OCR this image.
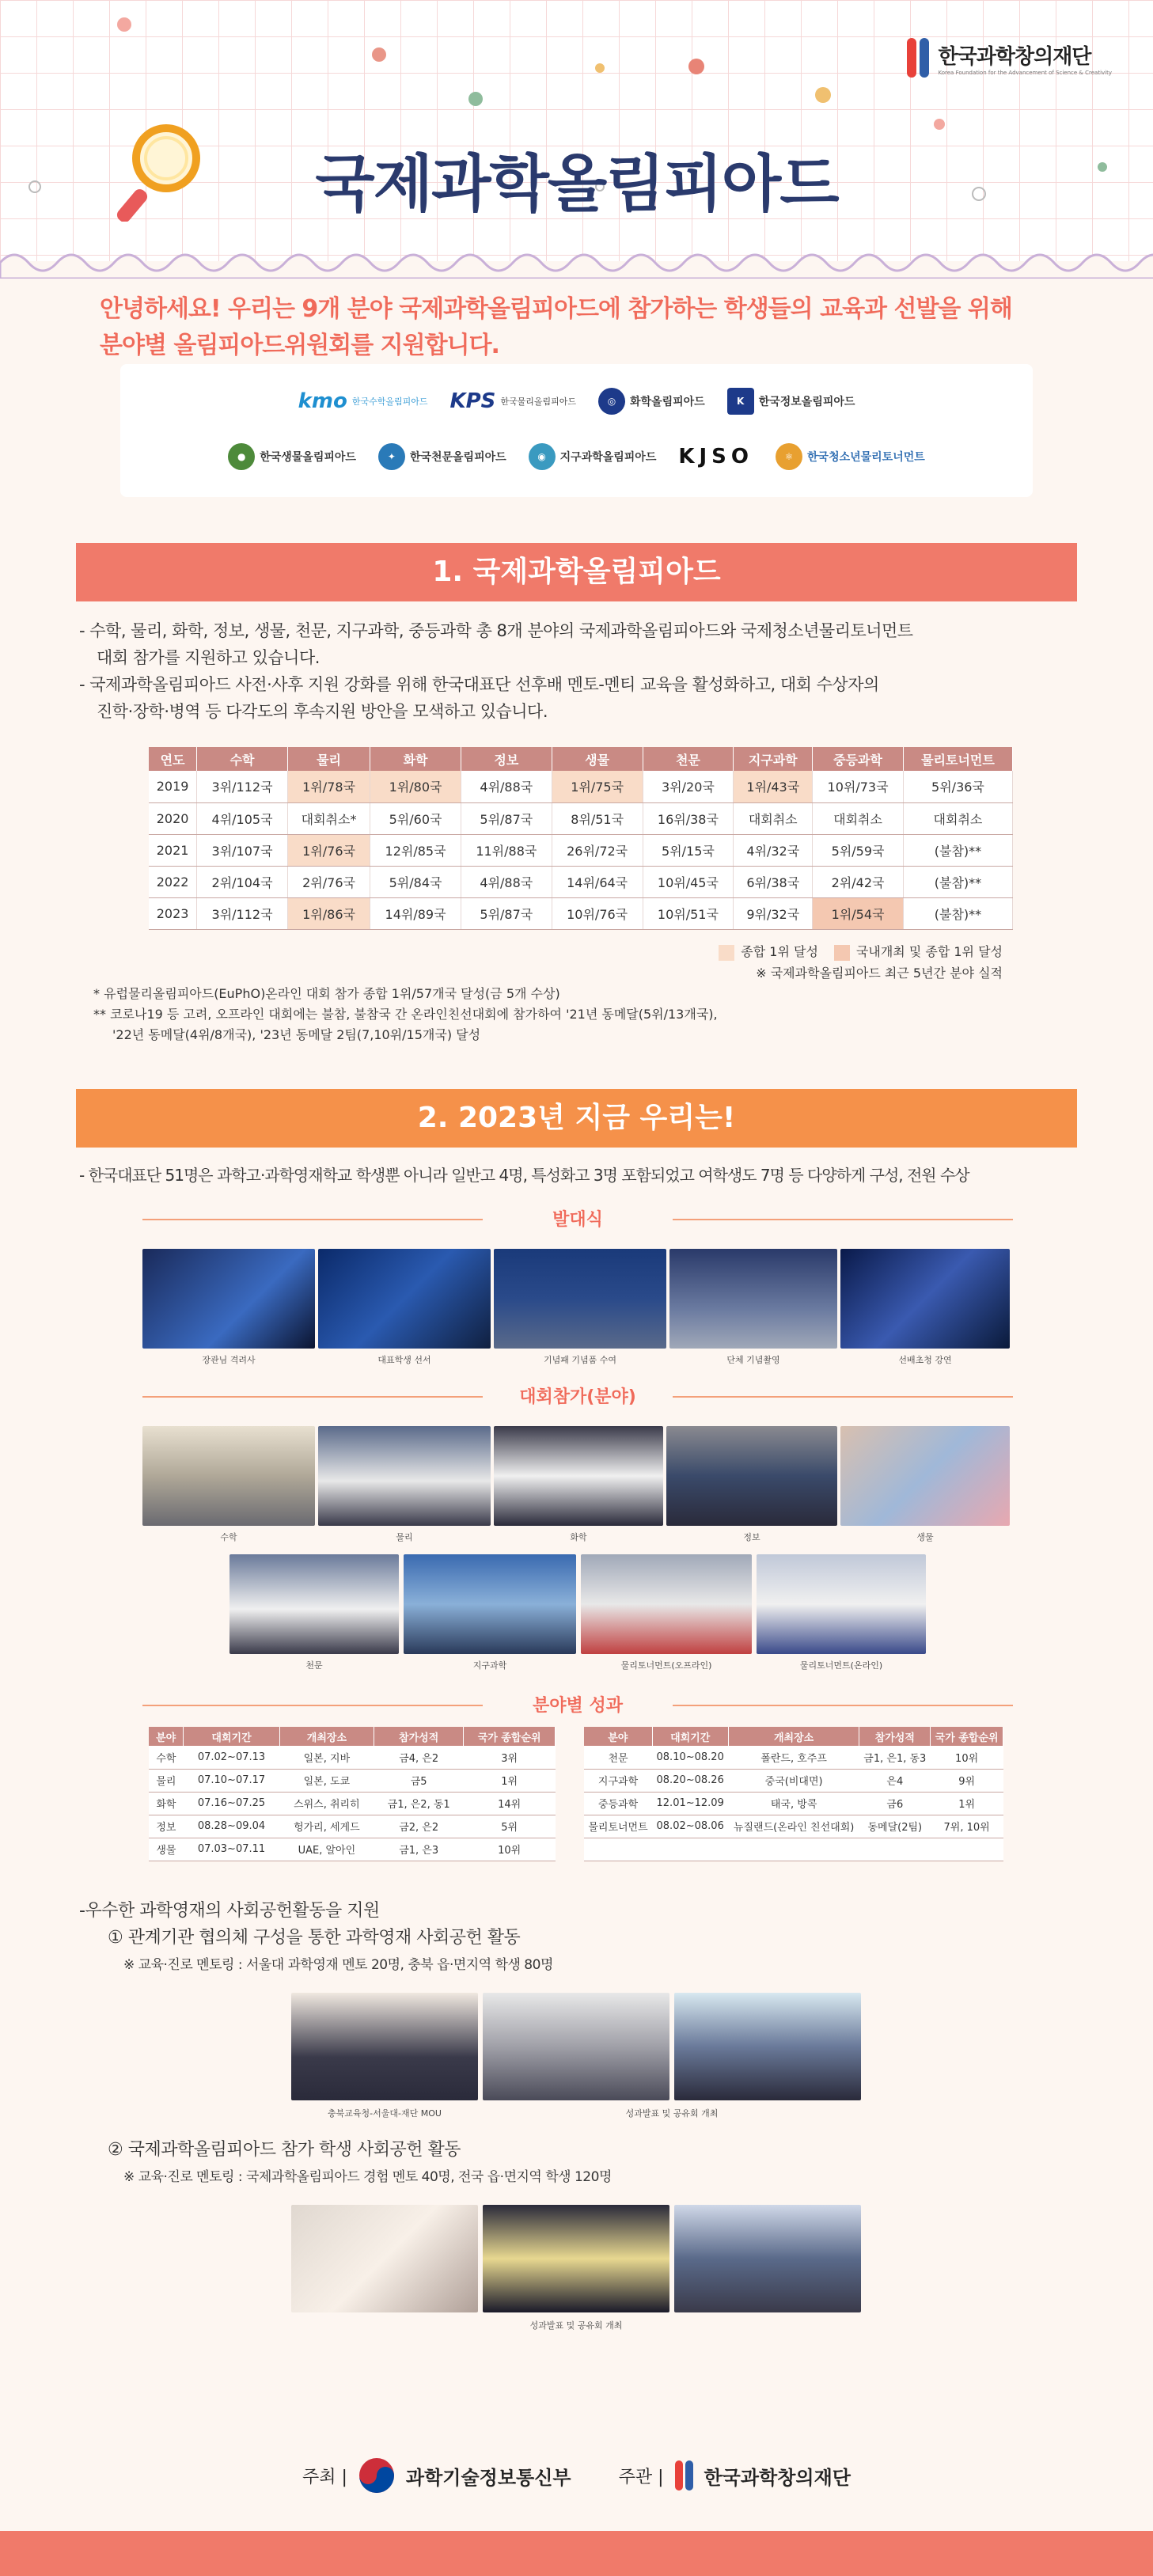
한국과학창의재단
Korea Foundation for the Advancement of Science & Creativity
국제과학올림피아드
안녕하세요! 우리는 9개 분야 국제과학올림피아드에 참가하는 학생들의 교육과 선발을 위해
분야별 올림피아드위원회를 지원합니다.
kmo 한국수학올림피아드 KPS 한국물리올림피아드	◎	화학올림피아드	K	한국정보올림피아드
●	한국생물올림피아드	✦	한국천문올림피아드	◉	지구과학올림피아드 KJSO	⚛	한국청소년물리토너먼트
1. 국제과학올림피아드
- 수학, 물리, 화학, 정보, 생물, 천문, 지구과학, 중등과학 총 8개 분야의 국제과학올림피아드와 국제청소년물리토너먼트
대회 참가를 지원하고 있습니다.
- 국제과학올림피아드 사전·사후 지원 강화를 위해 한국대표단 선후배 멘토-멘티 교육을 활성화하고, 대회 수상자의
진학·장학·병역 등 다각도의 후속지원 방안을 모색하고 있습니다.
연도	수학	물리	화학	정보	생물	천문	지구과학	중등과학	물리토너먼트
2019	3위/112국	1위/78국	1위/80국	4위/88국	1위/75국	3위/20국	1위/43국	10위/73국	5위/36국
2020	4위/105국	대회취소*	5위/60국	5위/87국	8위/51국	16위/38국	대회취소	대회취소	대회취소
2021	3위/107국	1위/76국	12위/85국	11위/88국	26위/72국	5위/15국	4위/32국	5위/59국	(불참)**
2022	2위/104국	2위/76국	5위/84국	4위/88국	14위/64국	10위/45국	6위/38국	2위/42국	(불참)**
2023	3위/112국	1위/86국	14위/89국	5위/87국	10위/76국	10위/51국	9위/32국	1위/54국	(불참)**
종합 1위 달성	국내개최 및 종합 1위 달성
※ 국제과학올림피아드 최근 5년간 분야 실적
* 유럽물리올림피아드(EuPhO)온라인 대회 참가 종합 1위/57개국 달성(금 5개 수상)
** 코로나19 등 고려, 오프라인 대회에는 불참, 불참국 간 온라인친선대회에 참가하여 '21년 동메달(5위/13개국),
'22년 동메달(4위/8개국), '23년 동메달 2팀(7,10위/15개국) 달성
2. 2023년 지금 우리는!
- 한국대표단 51명은 과학고·과학영재학교 학생뿐 아니라 일반고 4명, 특성화고 3명 포함되었고 여학생도 7명 등 다양하게 구성, 전원 수상
발대식
장관님 격려사	대표학생 선서	기념패 기념품 수여	단체 기념촬영	선배초청 강연
대회참가(분야)
수학	물리	화학	정보	생물
천문	지구과학	물리토너먼트(오프라인)	물리토너먼트(온라인)
분야별 성과
분야	대회기간	개최장소	참가성적	국가 종합순위
수학	07.02~07.13	일본, 지바	금4, 은2	3위
물리	07.10~07.17	일본, 도쿄	금5	1위
화학	07.16~07.25	스위스, 취리히	금1, 은2, 동1	14위
정보	08.28~09.04	헝가리, 세게드	금2, 은2	5위
생물	07.03~07.11	UAE, 알아인	금1, 은3	10위
분야	대회기간	개최장소	참가성적	국가 종합순위
천문	08.10~08.20	폴란드, 호주프	금1, 은1, 동3	10위
지구과학	08.20~08.26	중국(비대면)	은4	9위
중등과학	12.01~12.09	태국, 방콕	금6	1위
물리토너먼트	08.02~08.06	뉴질랜드(온라인 친선대회)	동메달(2팀)	7위, 10위

-우수한 과학영재의 사회공헌활동을 지원
① 관계기관 협의체 구성을 통한 과학영재 사회공헌 활동
※ 교육·진로 멘토링 : 서울대 과학영재 멘토 20명, 충북 읍·면지역 학생 80명
충북교육청-서울대-재단 MOU	성과발표 및 공유회 개최
② 국제과학올림피아드 참가 학생 사회공헌 활동
※ 교육·진로 멘토링 : 국제과학올림피아드 경험 멘토 40명, 전국 읍·면지역 학생 120명
성과발표 및 공유회 개최
주최 |	과학기술정보통신부	주관 | 한국과학창의재단
